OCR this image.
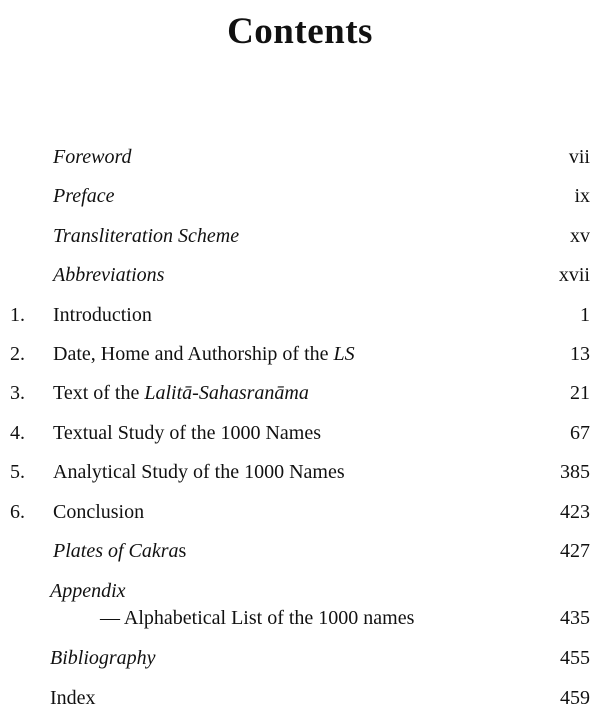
Contents
Foreword	vii
Preface	ix
Transliteration Scheme	xv
Abbreviations	xvii
1.	Introduction	1
2.	Date, Home and Authorship of the LS	13
3.	Text of the Lalitā-Sahasranāma	21
4.	Textual Study of the 1000 Names	67
5.	Analytical Study of the 1000 Names	385
6.	Conclusion	423
Plates of Cakras	427
Appendix
— Alphabetical List of the 1000 names	435
Bibliography	455
Index	459
